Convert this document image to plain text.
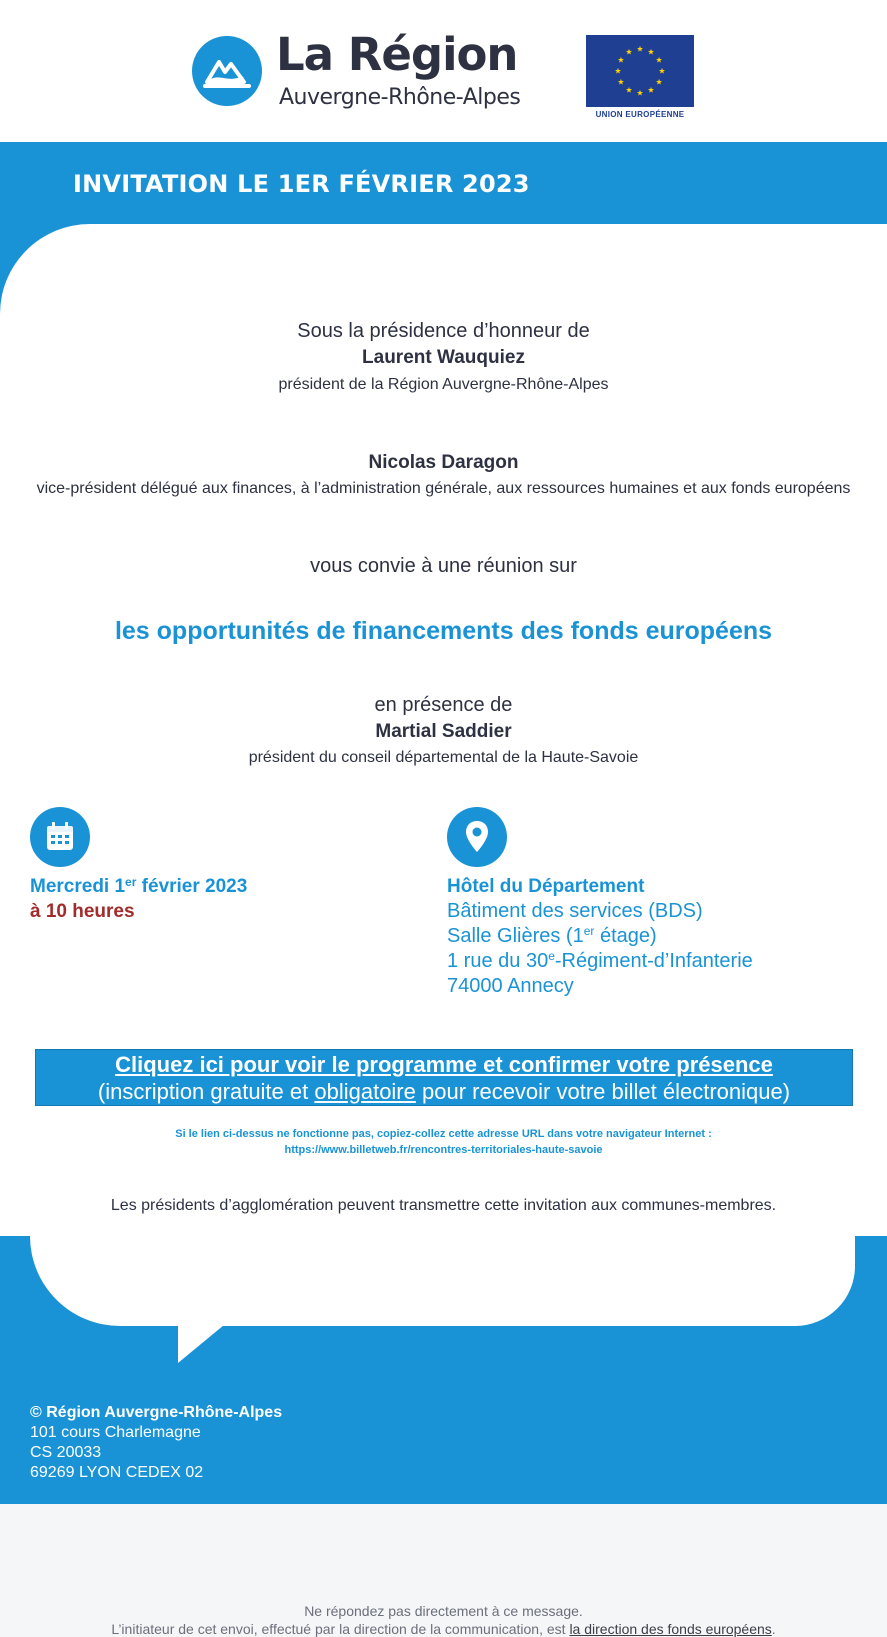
La Région
Auvergne-Rhône-Alpes
UNION EUROPÉENNE
INVITATION LE 1ER FÉVRIER 2023
Sous la présidence d’honneur de
Laurent Wauquiez
président de la Région Auvergne-Rhône-Alpes
Nicolas Daragon
vice-président délégué aux finances, à l’administration générale, aux ressources humaines et aux fonds européens
vous convie à une réunion sur
les opportunités de financements des fonds européens
en présence de
Martial Saddier
président du conseil départemental de la Haute-Savoie
Mercredi 1er février 2023
à 10 heures
Hôtel du Département
Bâtiment des services (BDS)
Salle Glières (1er étage)
1 rue du 30e-Régiment-d’Infanterie
74000 Annecy
Cliquez ici pour voir le programme et confirmer votre présence
(inscription gratuite et obligatoire pour recevoir votre billet électronique)
Si le lien ci-dessus ne fonctionne pas, copiez-collez cette adresse URL dans votre navigateur Internet :
https://www.billetweb.fr/rencontres-territoriales-haute-savoie
Les présidents d’agglomération peuvent transmettre cette invitation aux communes-membres.
© Région Auvergne-Rhône-Alpes
101 cours Charlemagne
CS 20033
69269 LYON CEDEX 02
Ne répondez pas directement à ce message.
L’initiateur de cet envoi, effectué par la direction de la communication, est la direction des fonds européens.
